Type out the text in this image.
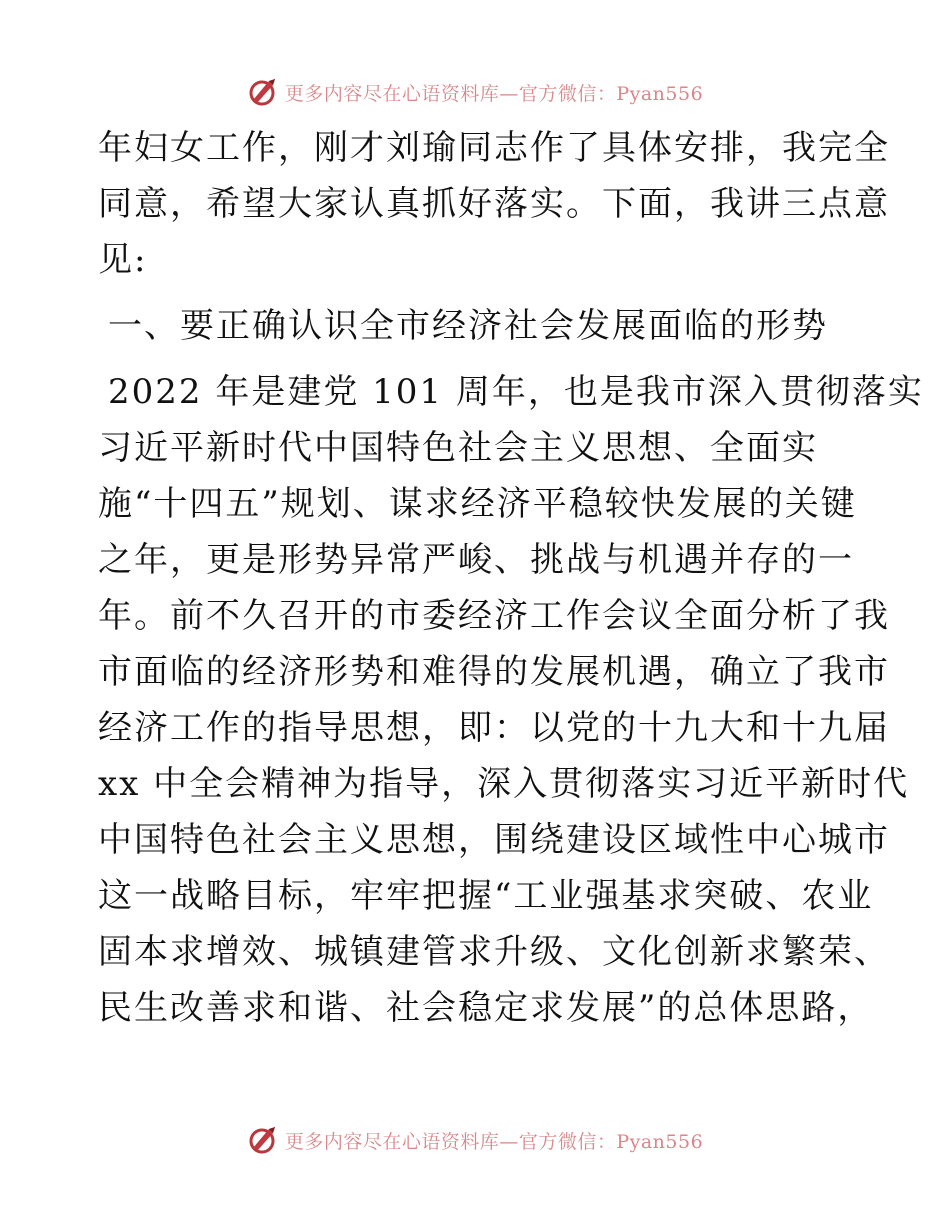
更多内容尽在心语资料库—官方微信：Pyan556
年妇女工作，刚才刘瑜同志作了具体安排，我完全
同意，希望大家认真抓好落实。下面，我讲三点意
见:
一、要正确认识全市经济社会发展面临的形势
2022 年是建党 101 周年，也是我市深入贯彻落实
习近平新时代中国特色社会主义思想、全面实
施“十四五”规划、谋求经济平稳较快发展的关键
之年，更是形势异常严峻、挑战与机遇并存的一
年。前不久召开的市委经济工作会议全面分析了我
市面临的经济形势和难得的发展机遇，确立了我市
经济工作的指导思想，即：以党的十九大和十九届
xx 中全会精神为指导，深入贯彻落实习近平新时代
中国特色社会主义思想，围绕建设区域性中心城市
这一战略目标，牢牢把握“工业强基求突破、农业
固本求增效、城镇建管求升级、文化创新求繁荣、
民生改善求和谐、社会稳定求发展”的总体思路，
更多内容尽在心语资料库—官方微信：Pyan556
